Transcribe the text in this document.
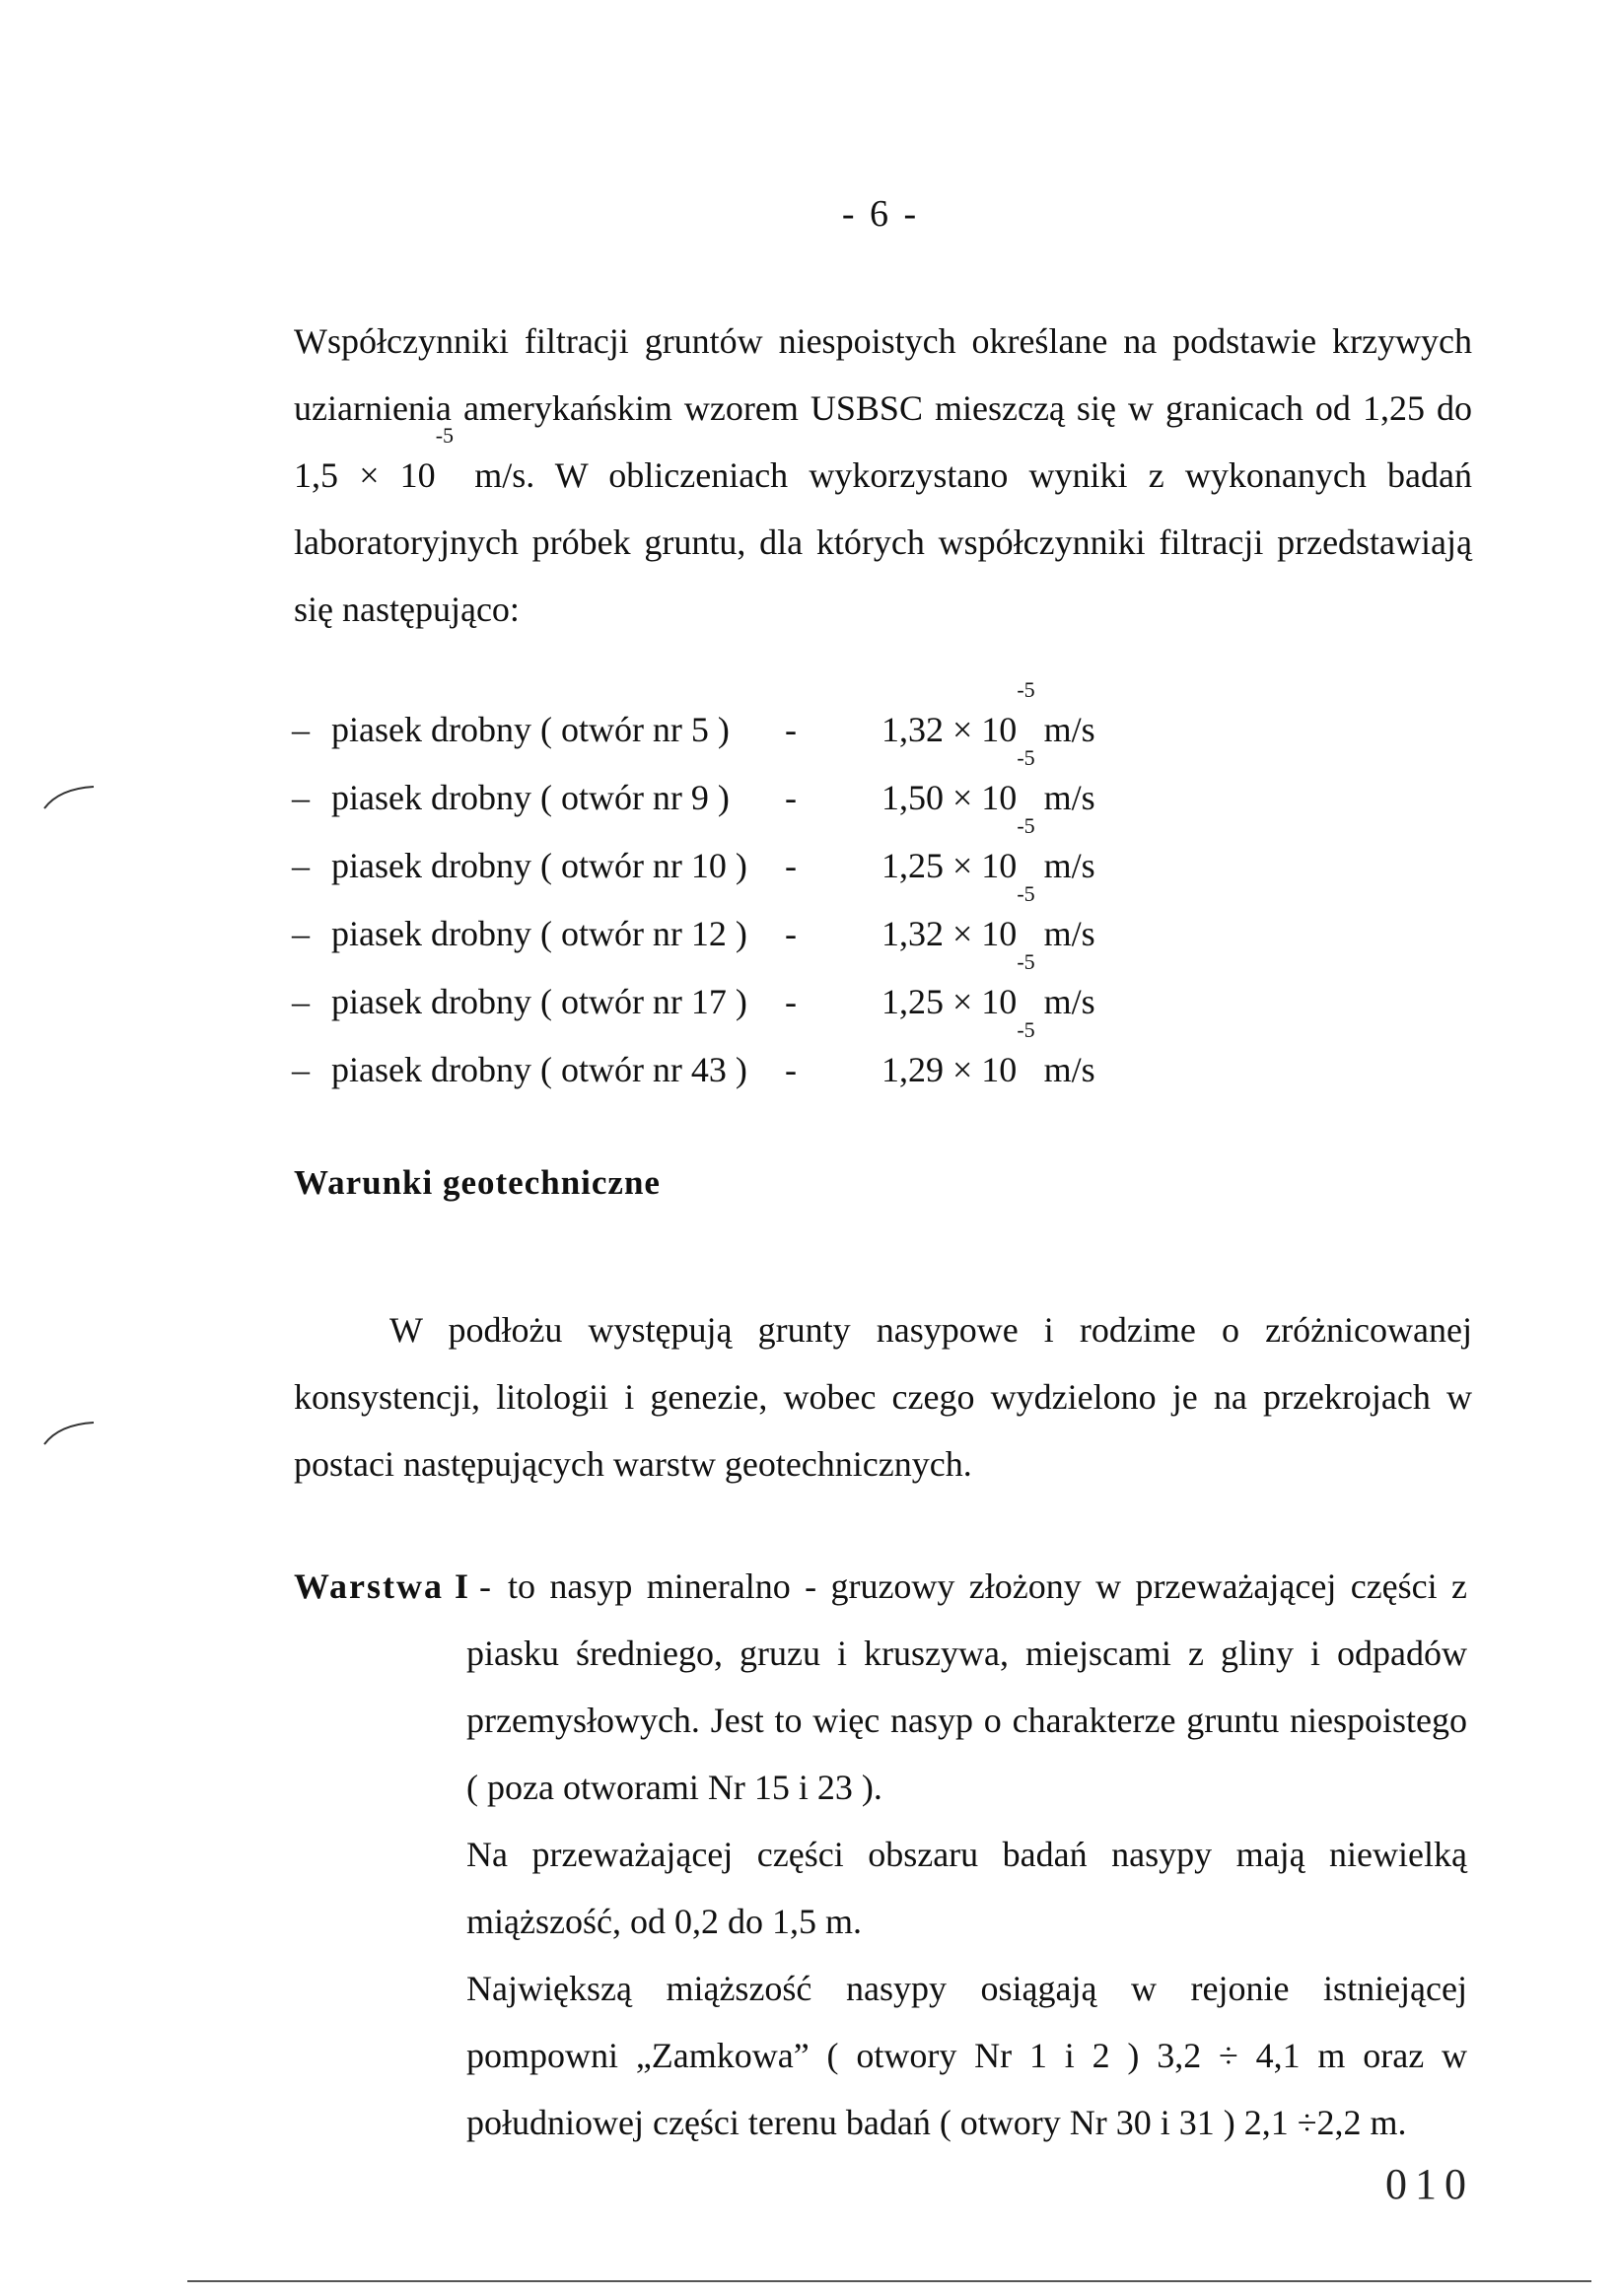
- 6 -

Współczynniki filtracji gruntów niespoistych określane na podstawie krzywych uziarnienia amerykańskim wzorem USBSC mieszczą się w granicach od 1,25 do $1,5 \times 10^{-5}$ m/s. W obliczeniach wykorzystano wyniki z wykonanych badań laboratoryjnych próbek gruntu, dla których współczynniki filtracji przedstawiają się następująco:

– piasek drobny ( otwór nr 5 ) - $1,32 \times 10^{-5}$ m/s
– piasek drobny ( otwór nr 9 ) - $1,50 \times 10^{-5}$ m/s
– piasek drobny ( otwór nr 10 ) - $1,25 \times 10^{-5}$ m/s
– piasek drobny ( otwór nr 12 ) - $1,32 \times 10^{-5}$ m/s
– piasek drobny ( otwór nr 17 ) - $1,25 \times 10^{-5}$ m/s
– piasek drobny ( otwór nr 43 ) - $1,29 \times 10^{-5}$ m/s
Warunki geotechniczne

W podłożu występują grunty nasypowe i rodzime o zróżnicowanej konsystencji, litologii i genezie, wobec czego wydzielono je na przekrojach w postaci następujących warstw geotechnicznych.

Warstwa I - to nasyp mineralno - gruzowy złożony w przeważającej części z piasku średniego, gruzu i kruszywa, miejscami z gliny i odpadów przemysłowych. Jest to więc nasyp o charakterze gruntu niespoistego ( poza otworami Nr 15 i 23 ).

Na przeważającej części obszaru badań nasypy mają niewielką miąższość, od 0,2 do 1,5 m.

Największą miąższość nasypy osiągają w rejonie istniejącej pompowni „Zamkowa” ( otwory Nr 1 i 2 ) 3,2 ÷ 4,1 m oraz w południowej części terenu badań ( otwory Nr 30 i 31 ) 2,1 ÷2,2 m.

010
